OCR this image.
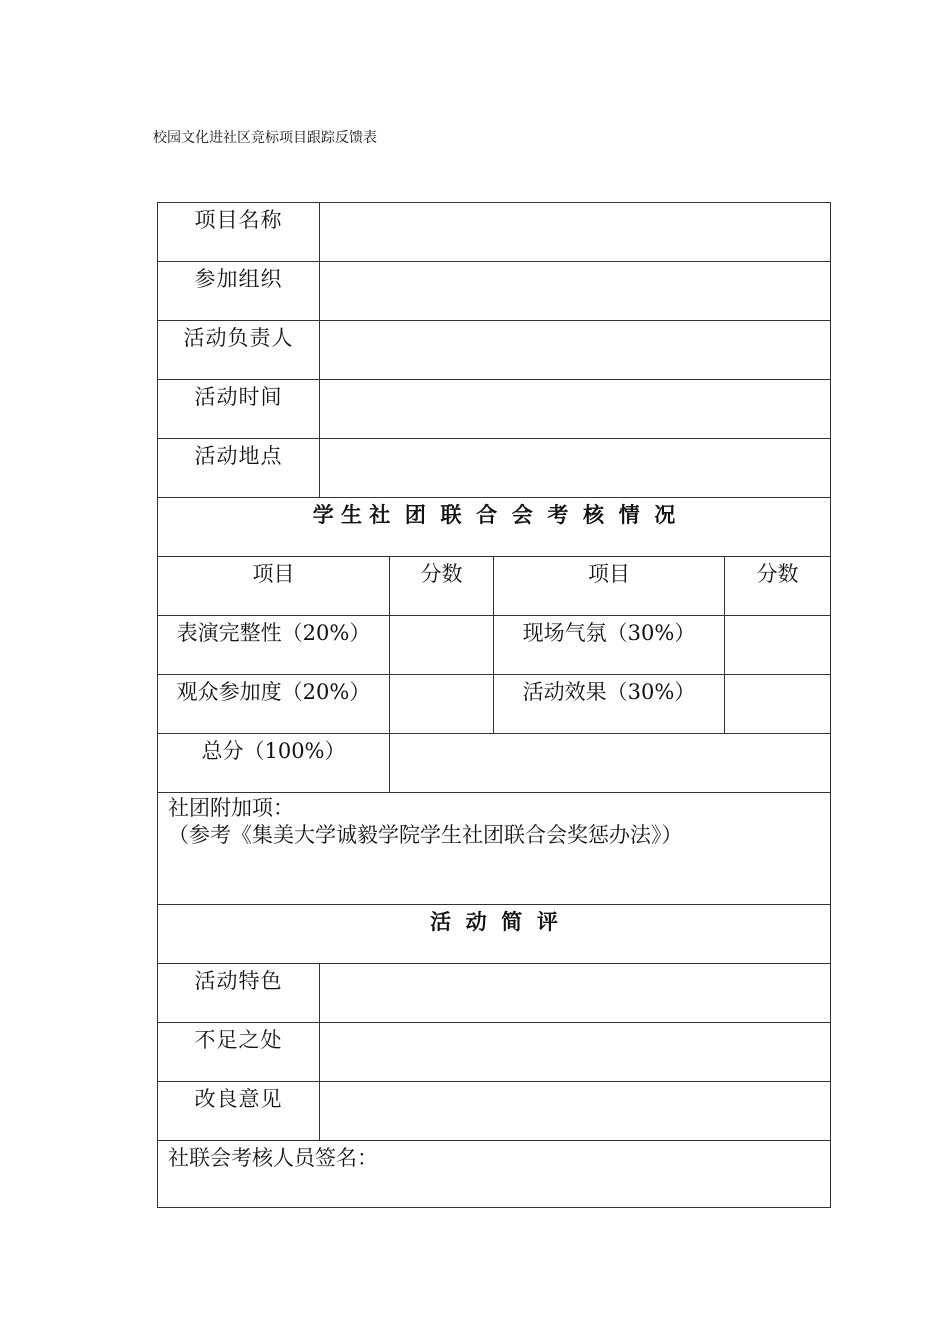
校园文化进社区竞标项目跟踪反馈表
项目名称				
参加组织				
活动负责人				
活动时间				
活动地点				
学 生 社  团  联  合  会  考  核  情  况				
项目		分数	项目	分数
表演完整性（20%）			现场气氛（30%）	
观众参加度（20%）			活动效果（30%）	
总分（100%）				

社团附加项：
（参考《集美大学诚毅学院学生社团联合会奖惩办法》）				

活  动  简  评				
活动特色				
不足之处				
改良意见				

社联会考核人员签名：				
